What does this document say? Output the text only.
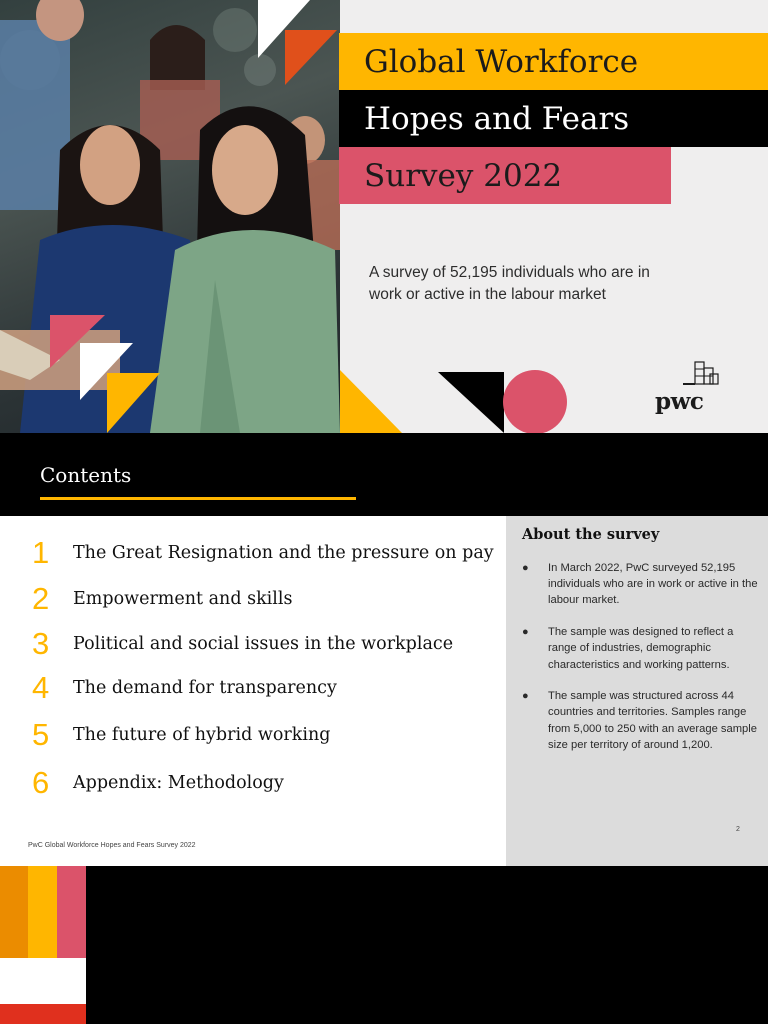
Global Workforce
Hopes and Fears
Survey 2022
A survey of 52,195 individuals who are in work or active in the labour market
pwc
Contents
1	The Great Resignation and the pressure on pay
2	Empowerment and skills
3	Political and social issues in the workplace
4	The demand for transparency
5	The future of hybrid working
6	Appendix: Methodology
PwC Global Workforce Hopes and Fears Survey 2022
About the survey
● In March 2022, PwC surveyed 52,195 individuals who are in work or active in the labour market.
● The sample was designed to reflect a range of industries, demographic characteristics and working patterns.
● The sample was structured across 44 countries and territories. Samples range from 5,000 to 250 with an average sample size per territory of around 1,200.
2
